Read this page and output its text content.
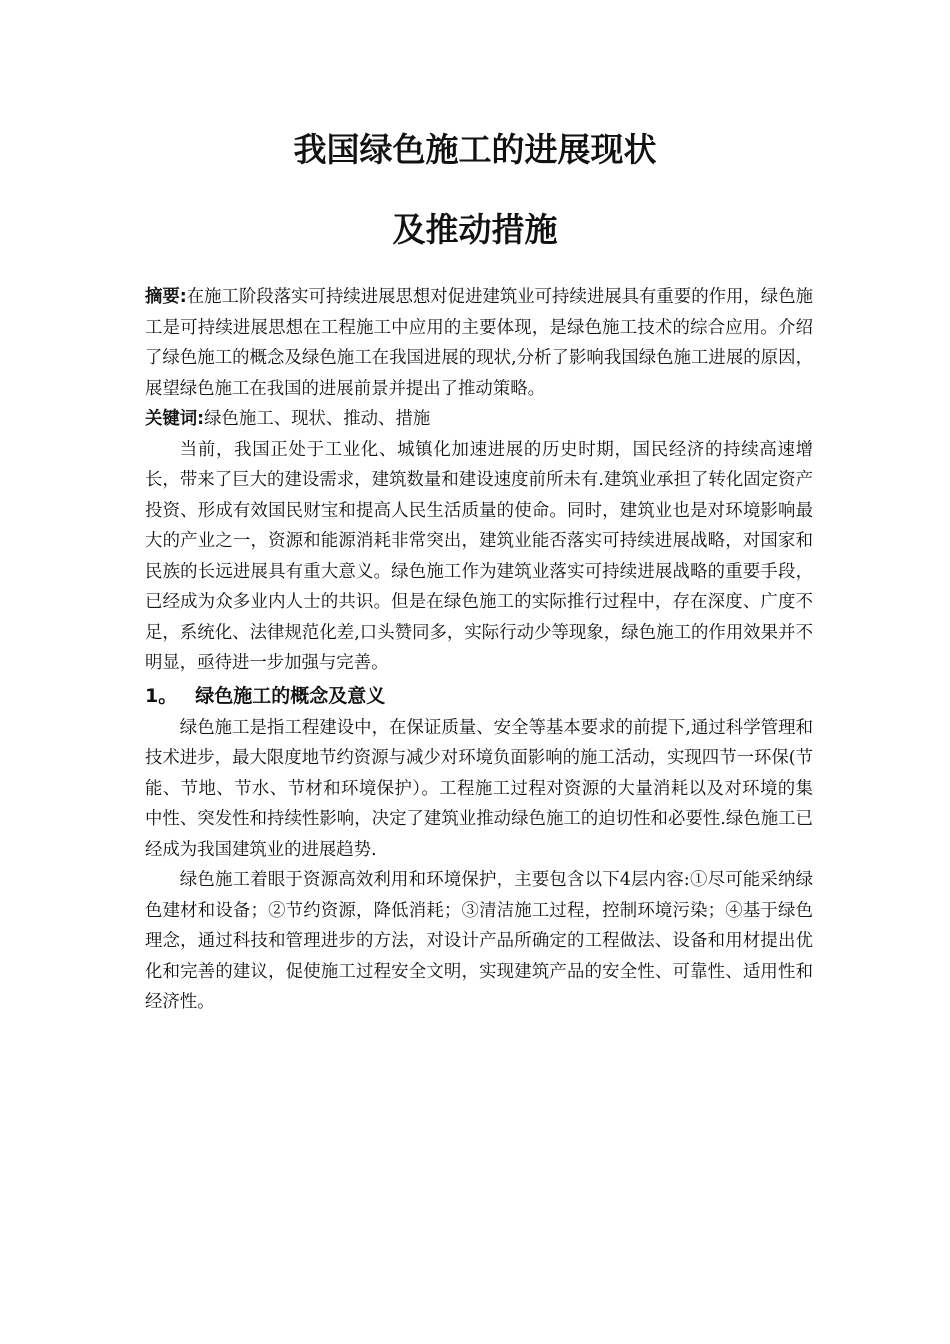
我国绿色施工的进展现状
及推动措施

摘要:在施工阶段落实可持续进展思想对促进建筑业可持续进展具有重要的作用，绿色施工是可持续进展思想在工程施工中应用的主要体现，是绿色施工技术的综合应用。介绍了绿色施工的概念及绿色施工在我国进展的现状,分析了影响我国绿色施工进展的原因，展望绿色施工在我国的进展前景并提出了推动策略。

关键词:绿色施工、现状、推动、措施

当前，我国正处于工业化、城镇化加速进展的历史时期，国民经济的持续高速增长，带来了巨大的建设需求，建筑数量和建设速度前所未有.建筑业承担了转化固定资产投资、形成有效国民财宝和提高人民生活质量的使命。同时，建筑业也是对环境影响最大的产业之一，资源和能源消耗非常突出，建筑业能否落实可持续进展战略，对国家和民族的长远进展具有重大意义。绿色施工作为建筑业落实可持续进展战略的重要手段，已经成为众多业内人士的共识。但是在绿色施工的实际推行过程中，存在深度、广度不足，系统化、法律规范化差,口头赞同多，实际行动少等现象，绿色施工的作用效果并不明显，亟待进一步加强与完善。

1。 绿色施工的概念及意义

绿色施工是指工程建设中，在保证质量、安全等基本要求的前提下,通过科学管理和技术进步，最大限度地节约资源与减少对环境负面影响的施工活动，实现四节一环保(节能、节地、节水、节材和环境保护）。工程施工过程对资源的大量消耗以及对环境的集中性、突发性和持续性影响，决定了建筑业推动绿色施工的迫切性和必要性.绿色施工已经成为我国建筑业的进展趋势.

绿色施工着眼于资源高效利用和环境保护，主要包含以下4层内容:①尽可能采纳绿色建材和设备；②节约资源，降低消耗；③清洁施工过程，控制环境污染；④基于绿色理念，通过科技和管理进步的方法，对设计产品所确定的工程做法、设备和用材提出优化和完善的建议，促使施工过程安全文明，实现建筑产品的安全性、可靠性、适用性和经济性。
